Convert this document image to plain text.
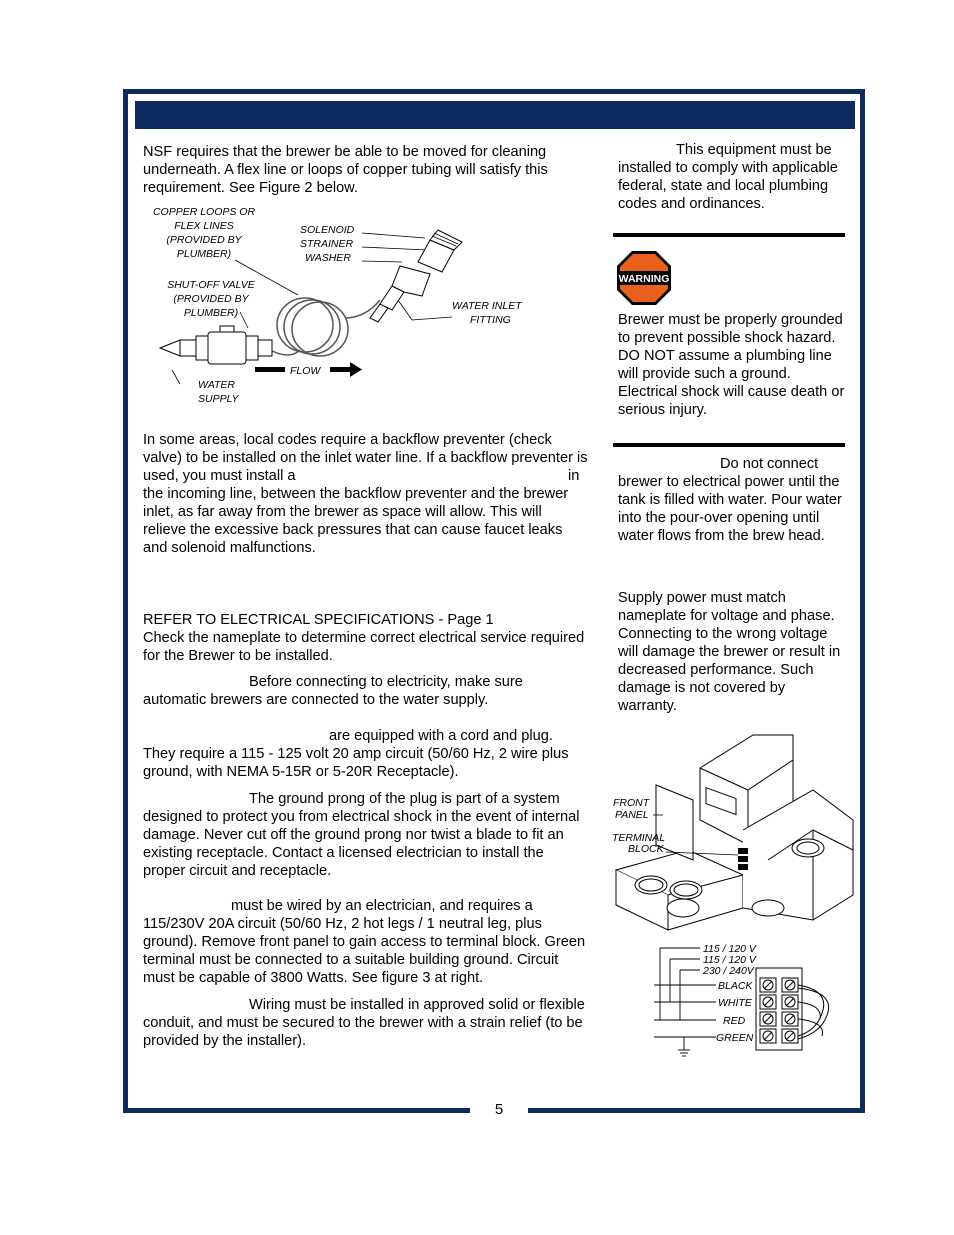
5
NSF requires that the brewer be able to be moved for cleaning underneath. A flex line or loops of copper tubing will satisfy this requirement. See Figure 2 below.
COPPER LOOPS OR
FLEX LINES
(PROVIDED BY
PLUMBER)
SOLENOID
STRAINER
WASHER
SHUT-OFF VALVE
(PROVIDED BY
PLUMBER)
WATER INLET
FITTING
WATER
SUPPLY
FLOW
In some areas, local codes require a backflow preventer (check valve) to be installed on the inlet water line. If a backflow preventer is used, you must install a	in
the incoming line, between the backflow preventer and the brewer inlet, as far away from the brewer as space will allow. This will relieve the excessive back pressures that can cause faucet leaks and solenoid malfunctions.
REFER TO ELECTRICAL SPECIFICATIONS - Page 1
Check the nameplate to determine correct electrical service required for the Brewer to be installed.
Before connecting to electricity, make sure automatic brewers are connected to the water supply.
are equipped with a cord and plug. They require a 115 - 125 volt 20 amp circuit (50/60 Hz, 2 wire plus ground, with NEMA 5-15R or 5-20R Receptacle).
The ground prong of the plug is part of a system designed to protect you from electrical shock in the event of internal damage. Never cut off the ground prong nor twist a blade to fit an existing receptacle. Contact a licensed electrician to install the proper circuit and receptacle.
must be wired by an electrician, and requires a 115/230V 20A circuit (50/60 Hz, 2 hot legs / 1 neutral leg, plus ground). Remove front panel to gain access to terminal block. Green terminal must be connected to a suitable building ground. Circuit must be capable of 3800 Watts. See figure 3 at right.
Wiring must be installed in approved solid or flexible conduit, and must be secured to the brewer with a strain relief (to be provided by the installer).
This equipment must be installed to comply with applicable federal, state and local plumbing codes and ordinances.
WARNING
Brewer must be properly grounded to prevent possible shock hazard. DO NOT assume a plumbing line will provide such a ground. Electrical shock will cause death or serious injury.
Do not connect brewer to electrical power until the tank is filled with water. Pour water into the pour-over opening until water flows from the brew head.
Supply power must match nameplate for voltage and phase. Connecting to the wrong voltage will damage the brewer or result in decreased performance. Such damage is not covered by warranty.
FRONT
PANEL
TERMINAL
BLOCK
115 / 120 V
115 / 120 V
230 / 240V
BLACK
WHITE
RED
GREEN
